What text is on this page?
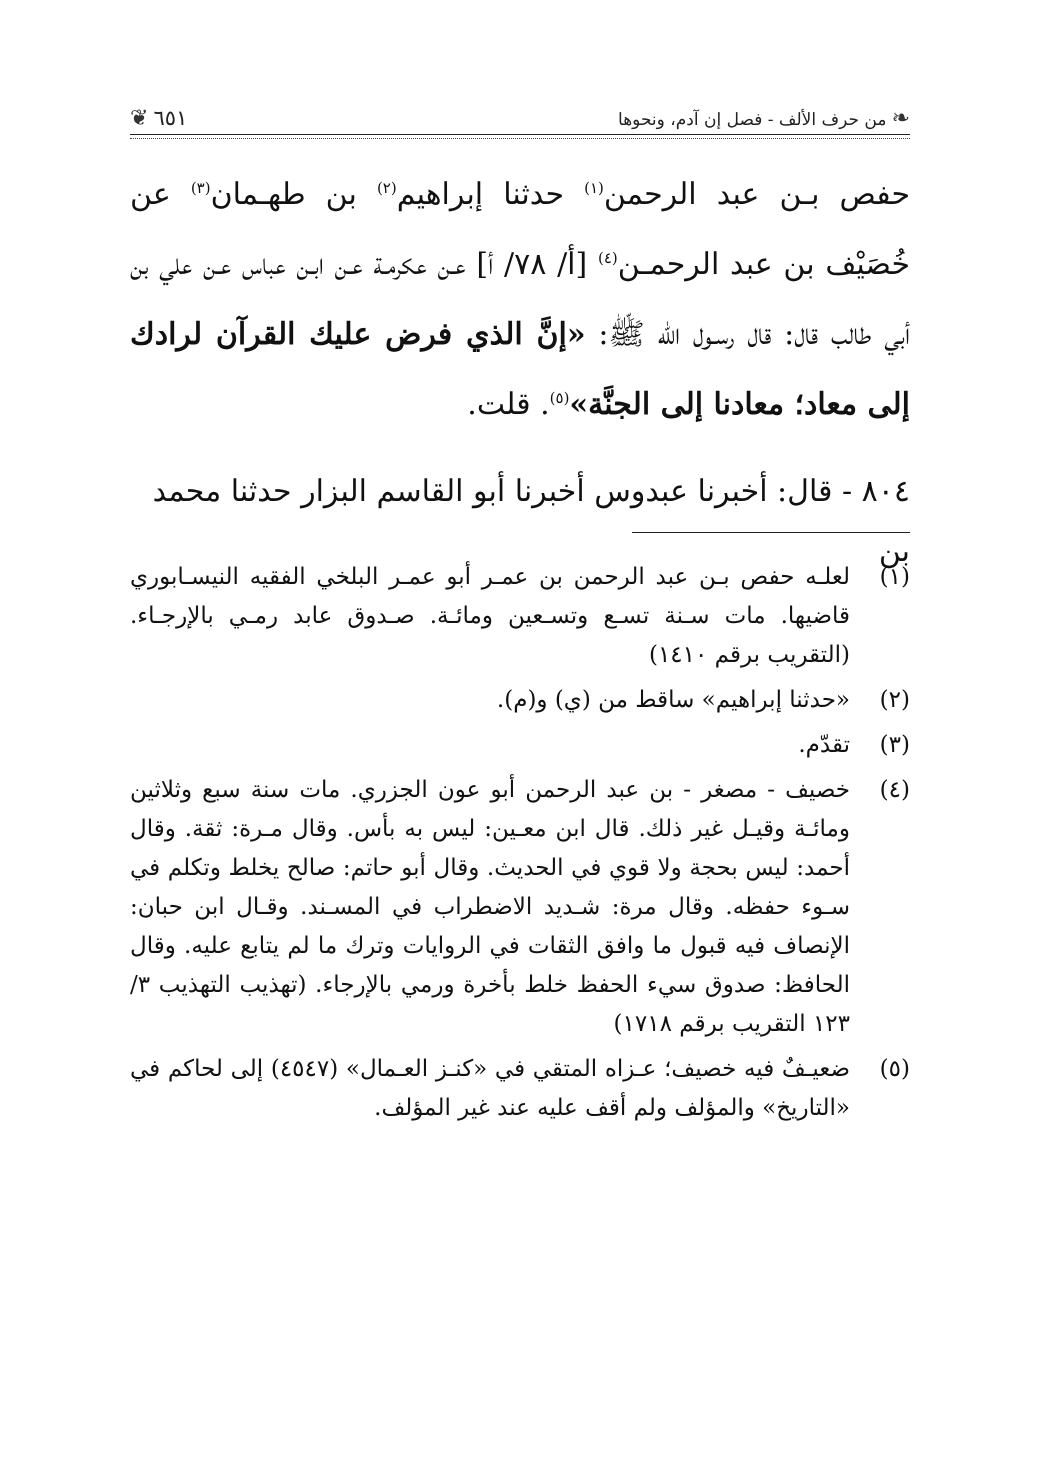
❧ من حرف الألف - فصل إن آدم، ونحوها
٦٥١ ❦

حفص بـن عبد الرحمن$^{(١)}$ حدثنا إبراهيم$^{(٢)}$ بن طهـمان$^{(٣)}$ عن خُصَيْف بن عبد الرحمـن$^{(٤)}$ [أ/ ٧٨/ أ] عـن عكرمـة عـن ابـن عباس عـن علي بن أبي طالب قال: قال رسـول الله ﷺ: «إنَّ الذي فرض عليك القرآن لرادك إلى معاد؛ معادنا إلى الجنَّة»$^{(٥)}$. قلت.

٨٠٤ - قال: أخبرنا عبدوس أخبرنا أبو القاسم البزار حدثنا محمد بن
(١)
لعلـه حفص بـن عبد الرحمن بن عمـر أبو عمـر البلخي الفقيه النيسـابوري قاضيها. مات سـنة تسـع وتسـعين ومائـة. صـدوق عابد رمـي بالإرجـاء. (التقريب برقم ١٤١٠)
(٢)
«حدثنا إبراهيم» ساقط من (ي) و(م).
(٣)
تقدّم.
(٤)
خصيف - مصغر - بن عبد الرحمن أبو عون الجزري. مات سنة سبع وثلاثين ومائـة وقيـل غير ذلك. قال ابن معـين: ليس به بأس. وقال مـرة: ثقة. وقال أحمد: ليس بحجة ولا قوي في الحديث. وقال أبو حاتم: صالح يخلط وتكلم في سـوء حفظه. وقال مرة: شـديد الاضطراب في المسـند. وقـال ابن حبان: الإنصاف فيه قبول ما وافق الثقات في الروايات وترك ما لم يتابع عليه. وقال الحافظ: صدوق سيء الحفظ خلط بأخرة ورمي بالإرجاء. (تهذيب التهذيب ٣/ ١٢٣ التقريب برقم ١٧١٨)
(٥)
ضعيـفٌ فيه خصيف؛ عـزاه المتقي في «كنـز العـمال» (٤٥٤٧) إلى لحاكم في «التاريخ» والمؤلف ولم أقف عليه عند غير المؤلف.
